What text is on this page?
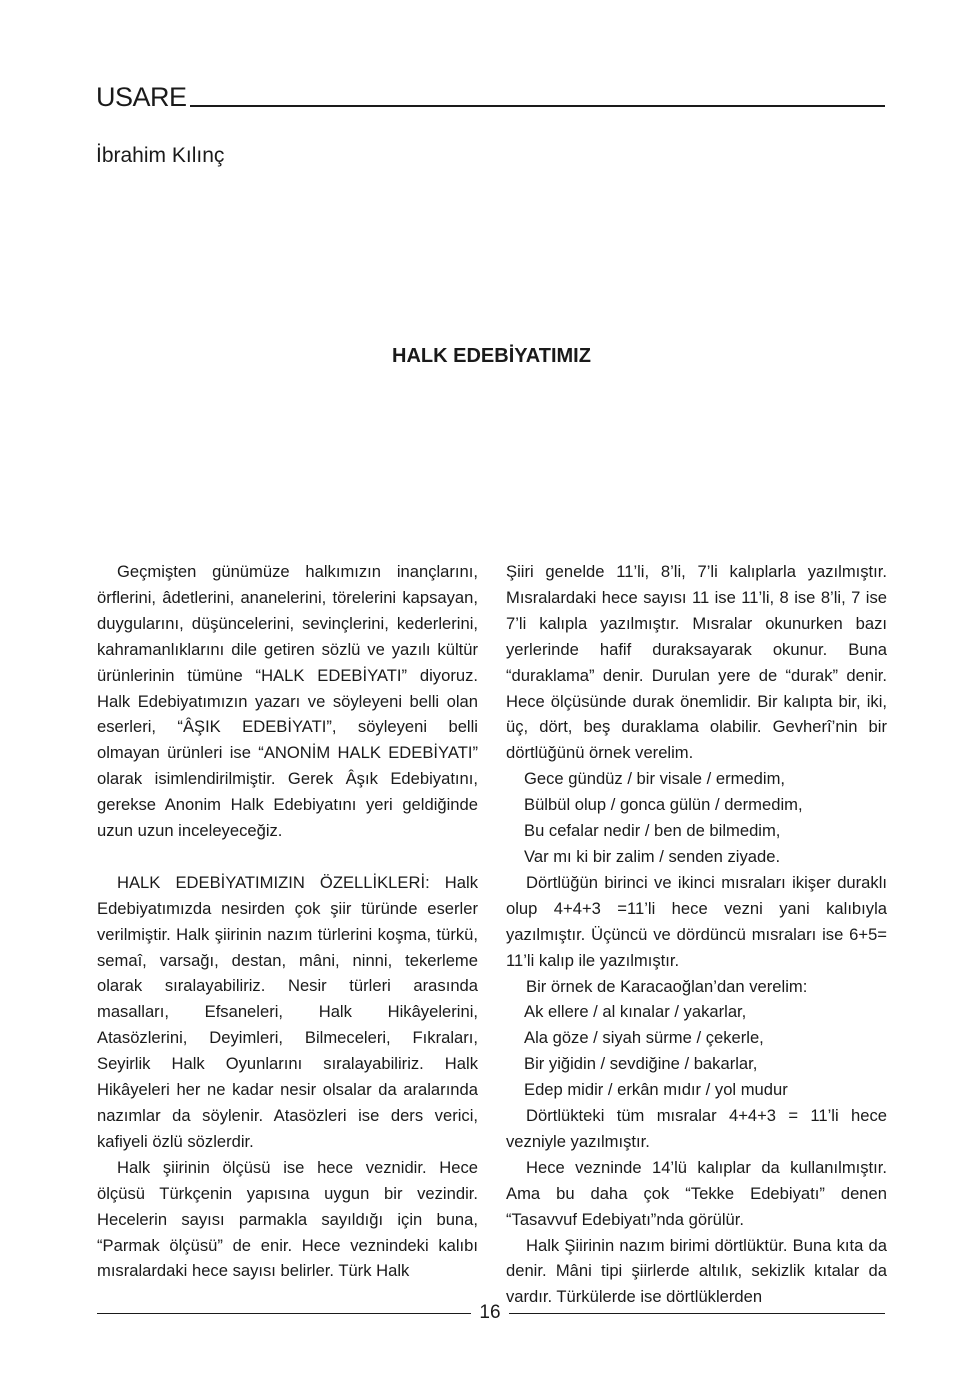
USARE
İbrahim Kılınç
HALK EDEBİYATIMIZ

Geçmişten günümüze halkımızın inançlarını, örflerini, âdetlerini, ananelerini, törelerini kapsayan, duygularını, düşüncelerini, sevinçlerini, kederlerini, kahramanlıklarını dile getiren sözlü ve yazılı kültür ürünlerinin tümüne “HALK EDEBİYATI” diyoruz. Halk Edebiyatımızın yazarı ve söyleyeni belli olan eserleri, “ÂŞIK EDEBİYATI”, söyleyeni belli olmayan ürünleri ise “ANONİM HALK EDEBİYATI” olarak isimlendirilmiştir. Gerek Âşık Edebiyatını, gerekse Anonim Halk Edebiyatını yeri geldiğinde uzun uzun inceleyeceğiz.

HALK EDEBİYATIMIZIN ÖZELLİKLERİ: Halk Edebiyatımızda nesirden çok şiir türünde eserler verilmiştir. Halk şiirinin nazım türlerini koşma, türkü, semaî, varsağı, destan, mâni, ninni, tekerleme olarak sıralayabiliriz. Nesir türleri arasında masalları, Efsaneleri, Halk Hikâyelerini, Atasözlerini, Deyimleri, Bilmeceleri, Fıkraları, Seyirlik Halk Oyunlarını sıralayabiliriz. Halk Hikâyeleri her ne kadar nesir olsalar da aralarında nazımlar da söylenir. Atasözleri ise ders verici, kafiyeli özlü sözlerdir.

Halk şiirinin ölçüsü ise hece veznidir. Hece ölçüsü Türkçenin yapısına uygun bir vezindir. Hecelerin sayısı parmakla sayıldığı için buna, “Parmak ölçüsü” de enir. Hece veznindeki kalıbı mısralardaki hece sayısı belirler. Türk Halk

Şiiri genelde 11’li, 8’li, 7’li kalıplarla yazılmıştır. Mısralardaki hece sayısı 11 ise 11’li, 8 ise 8’li, 7 ise 7’li kalıpla yazılmıştır. Mısralar okunurken bazı yerlerinde hafif duraksayarak okunur. Buna “duraklama” denir. Durulan yere de “durak” denir. Hece ölçüsünde durak önemlidir. Bir kalıpta bir, iki, üç, dört, beş duraklama olabilir. Gevherî’nin bir dörtlüğünü örnek verelim.

Gece gündüz / bir visale / ermedim,

Bülbül olup / gonca gülün / dermedim,

Bu cefalar nedir / ben de bilmedim,

Var mı ki bir zalim / senden ziyade.

Dörtlüğün birinci ve ikinci mısraları ikişer duraklı olup 4+4+3 =11’li hece vezni yani kalıbıyla yazılmıştır. Üçüncü ve dördüncü mısraları ise 6+5= 11’li kalıp ile yazılmıştır.

Bir örnek de Karacaoğlan’dan verelim:

Ak ellere / al kınalar / yakarlar,

Ala göze / siyah sürme / çekerle,

Bir yiğidin / sevdiğine / bakarlar,

Edep midir / erkân mıdır / yol mudur

Dörtlükteki tüm mısralar 4+4+3 = 11’li hece vezniyle yazılmıştır.

Hece vezninde 14’lü kalıplar da kullanılmıştır. Ama bu daha çok “Tekke Edebiyatı” denen “Tasavvuf Edebiyatı”nda görülür.

Halk Şiirinin nazım birimi dörtlüktür. Buna kıta da denir. Mâni tipi şiirlerde altılık, sekizlik kıtalar da vardır. Türkülerde ise dörtlüklerden

16
